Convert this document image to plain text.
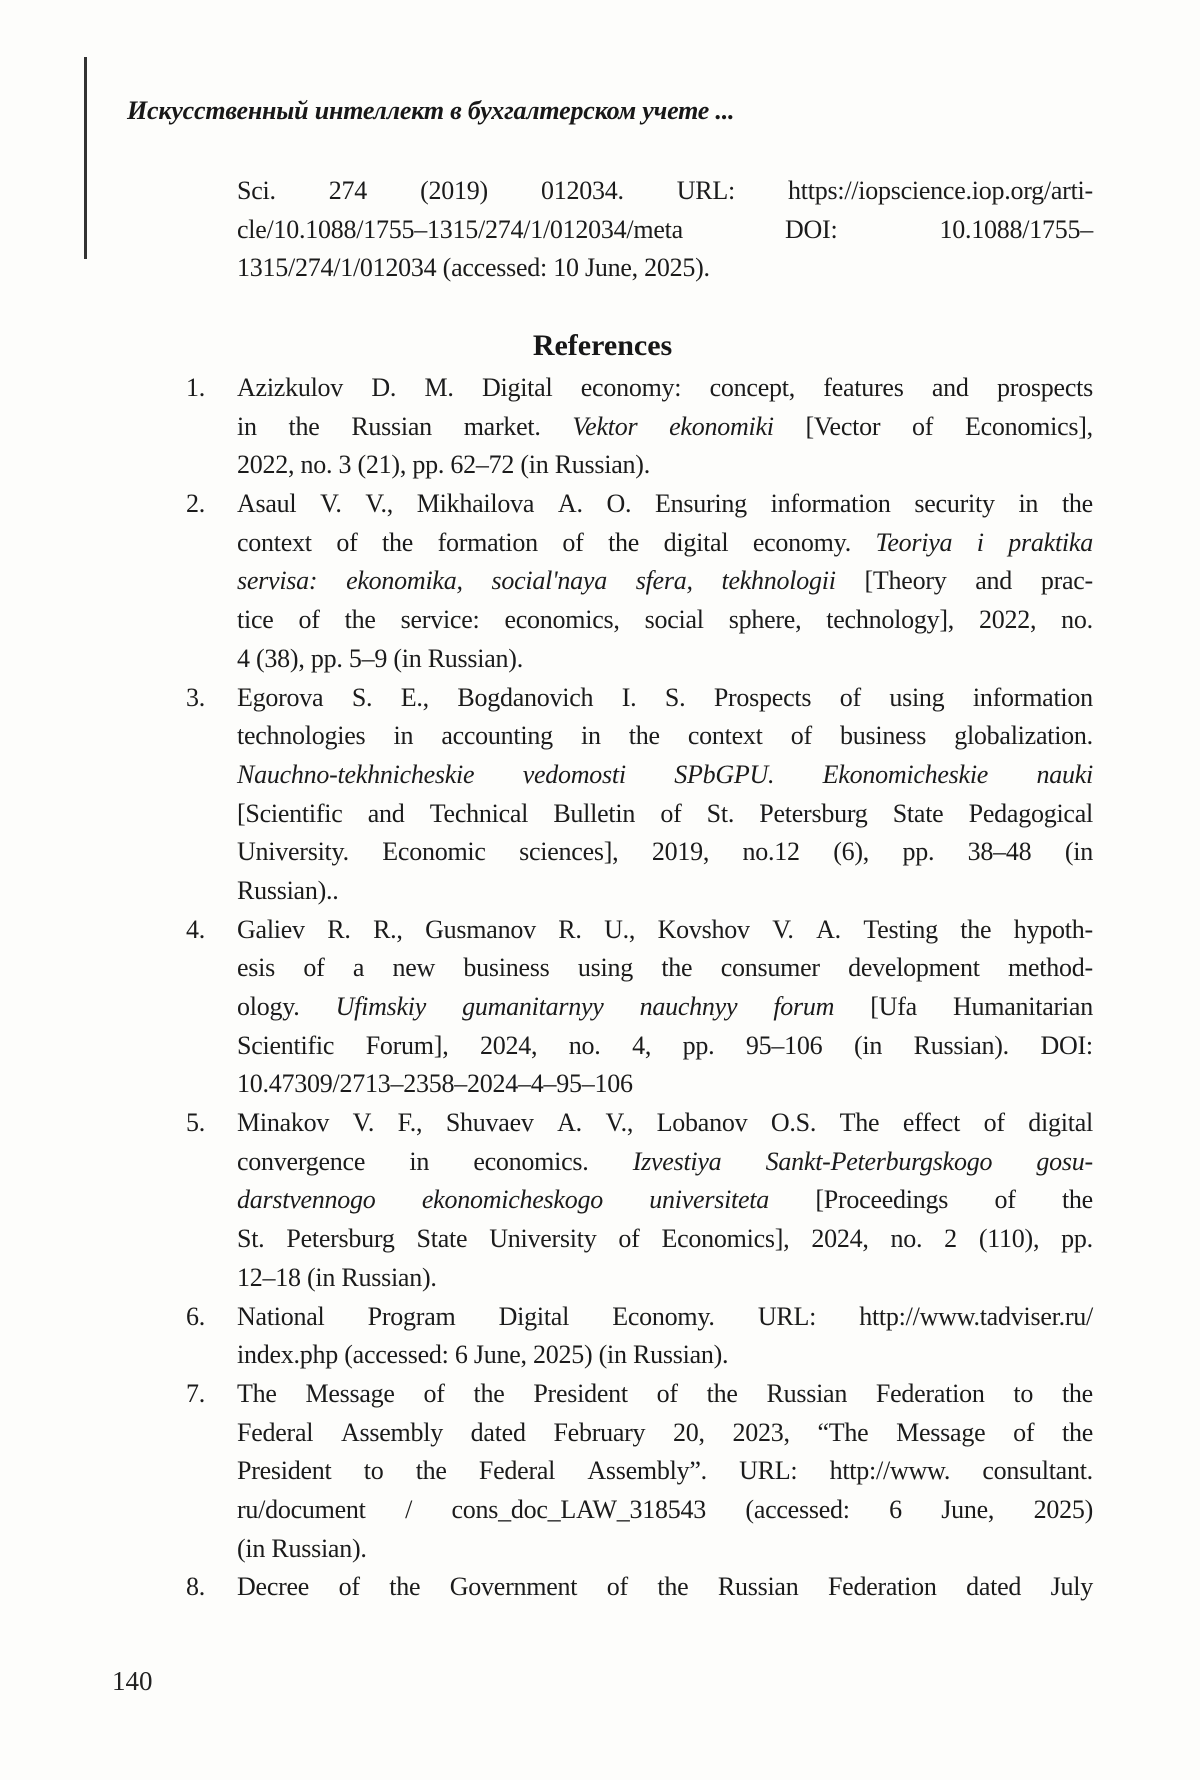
Искусственный интеллект в бухгалтерском учете ...
Sci. 274 (2019) 012034. URL: https://iopscience.iop.org/arti-
cle/10.1088/1755–1315/274/1/012034/meta	DOI:	10.1088/1755–
1315/274/1/012034 (accessed: 10 June, 2025).
References
1.	Azizkulov D. M. Digital economy: concept, features and prospects
in the Russian market. Vektor ekonomiki [Vector of Economics],
2022, no. 3 (21), pp. 62–72 (in Russian).
2.	Asaul V. V., Mikhailova A. O. Ensuring information security in the
context of the formation of the digital economy. Teoriya i praktika
servisa: ekonomika, social'naya sfera, tekhnologii [Theory and prac-
tice of the service: economics, social sphere, technology], 2022, no.
4 (38), pp. 5–9 (in Russian).
3.	Egorova S. E., Bogdanovich I. S. Prospects of using information
technologies in accounting in the context of business globalization.
Nauchno-tekhnicheskie vedomosti SPbGPU. Ekonomicheskie nauki
[Scientific and Technical Bulletin of St. Petersburg State Pedagogical
University. Economic sciences], 2019, no.12 (6), pp. 38–48 (in
Russian)..
4.	Galiev R. R., Gusmanov R. U., Kovshov V. A. Testing the hypoth-
esis of a new business using the consumer development method-
ology. Ufimskiy gumanitarnyy nauchnyy forum [Ufa Humanitarian
Scientific Forum], 2024, no. 4, pp. 95–106 (in Russian). DOI:
10.47309/2713–2358–2024–4–95–106
5.	Minakov V. F., Shuvaev A. V., Lobanov O.S. The effect of digital
convergence in economics. Izvestiya Sankt-Peterburgskogo gosu-
darstvennogo ekonomicheskogo universiteta [Proceedings of the
St. Petersburg State University of Economics], 2024, no. 2 (110), pp.
12–18 (in Russian).
6.	National Program Digital Economy. URL: http://www.tadviser.ru/
index.php (accessed: 6 June, 2025) (in Russian).
7.	The Message of the President of the Russian Federation to the
Federal Assembly dated February 20, 2023, “The Message of the
President to the Federal Assembly”. URL: http://www. consultant.
ru/document / cons_doc_LAW_318543 (accessed: 6 June, 2025)
(in Russian).
8.	Decree of the Government of the Russian Federation dated July
140
